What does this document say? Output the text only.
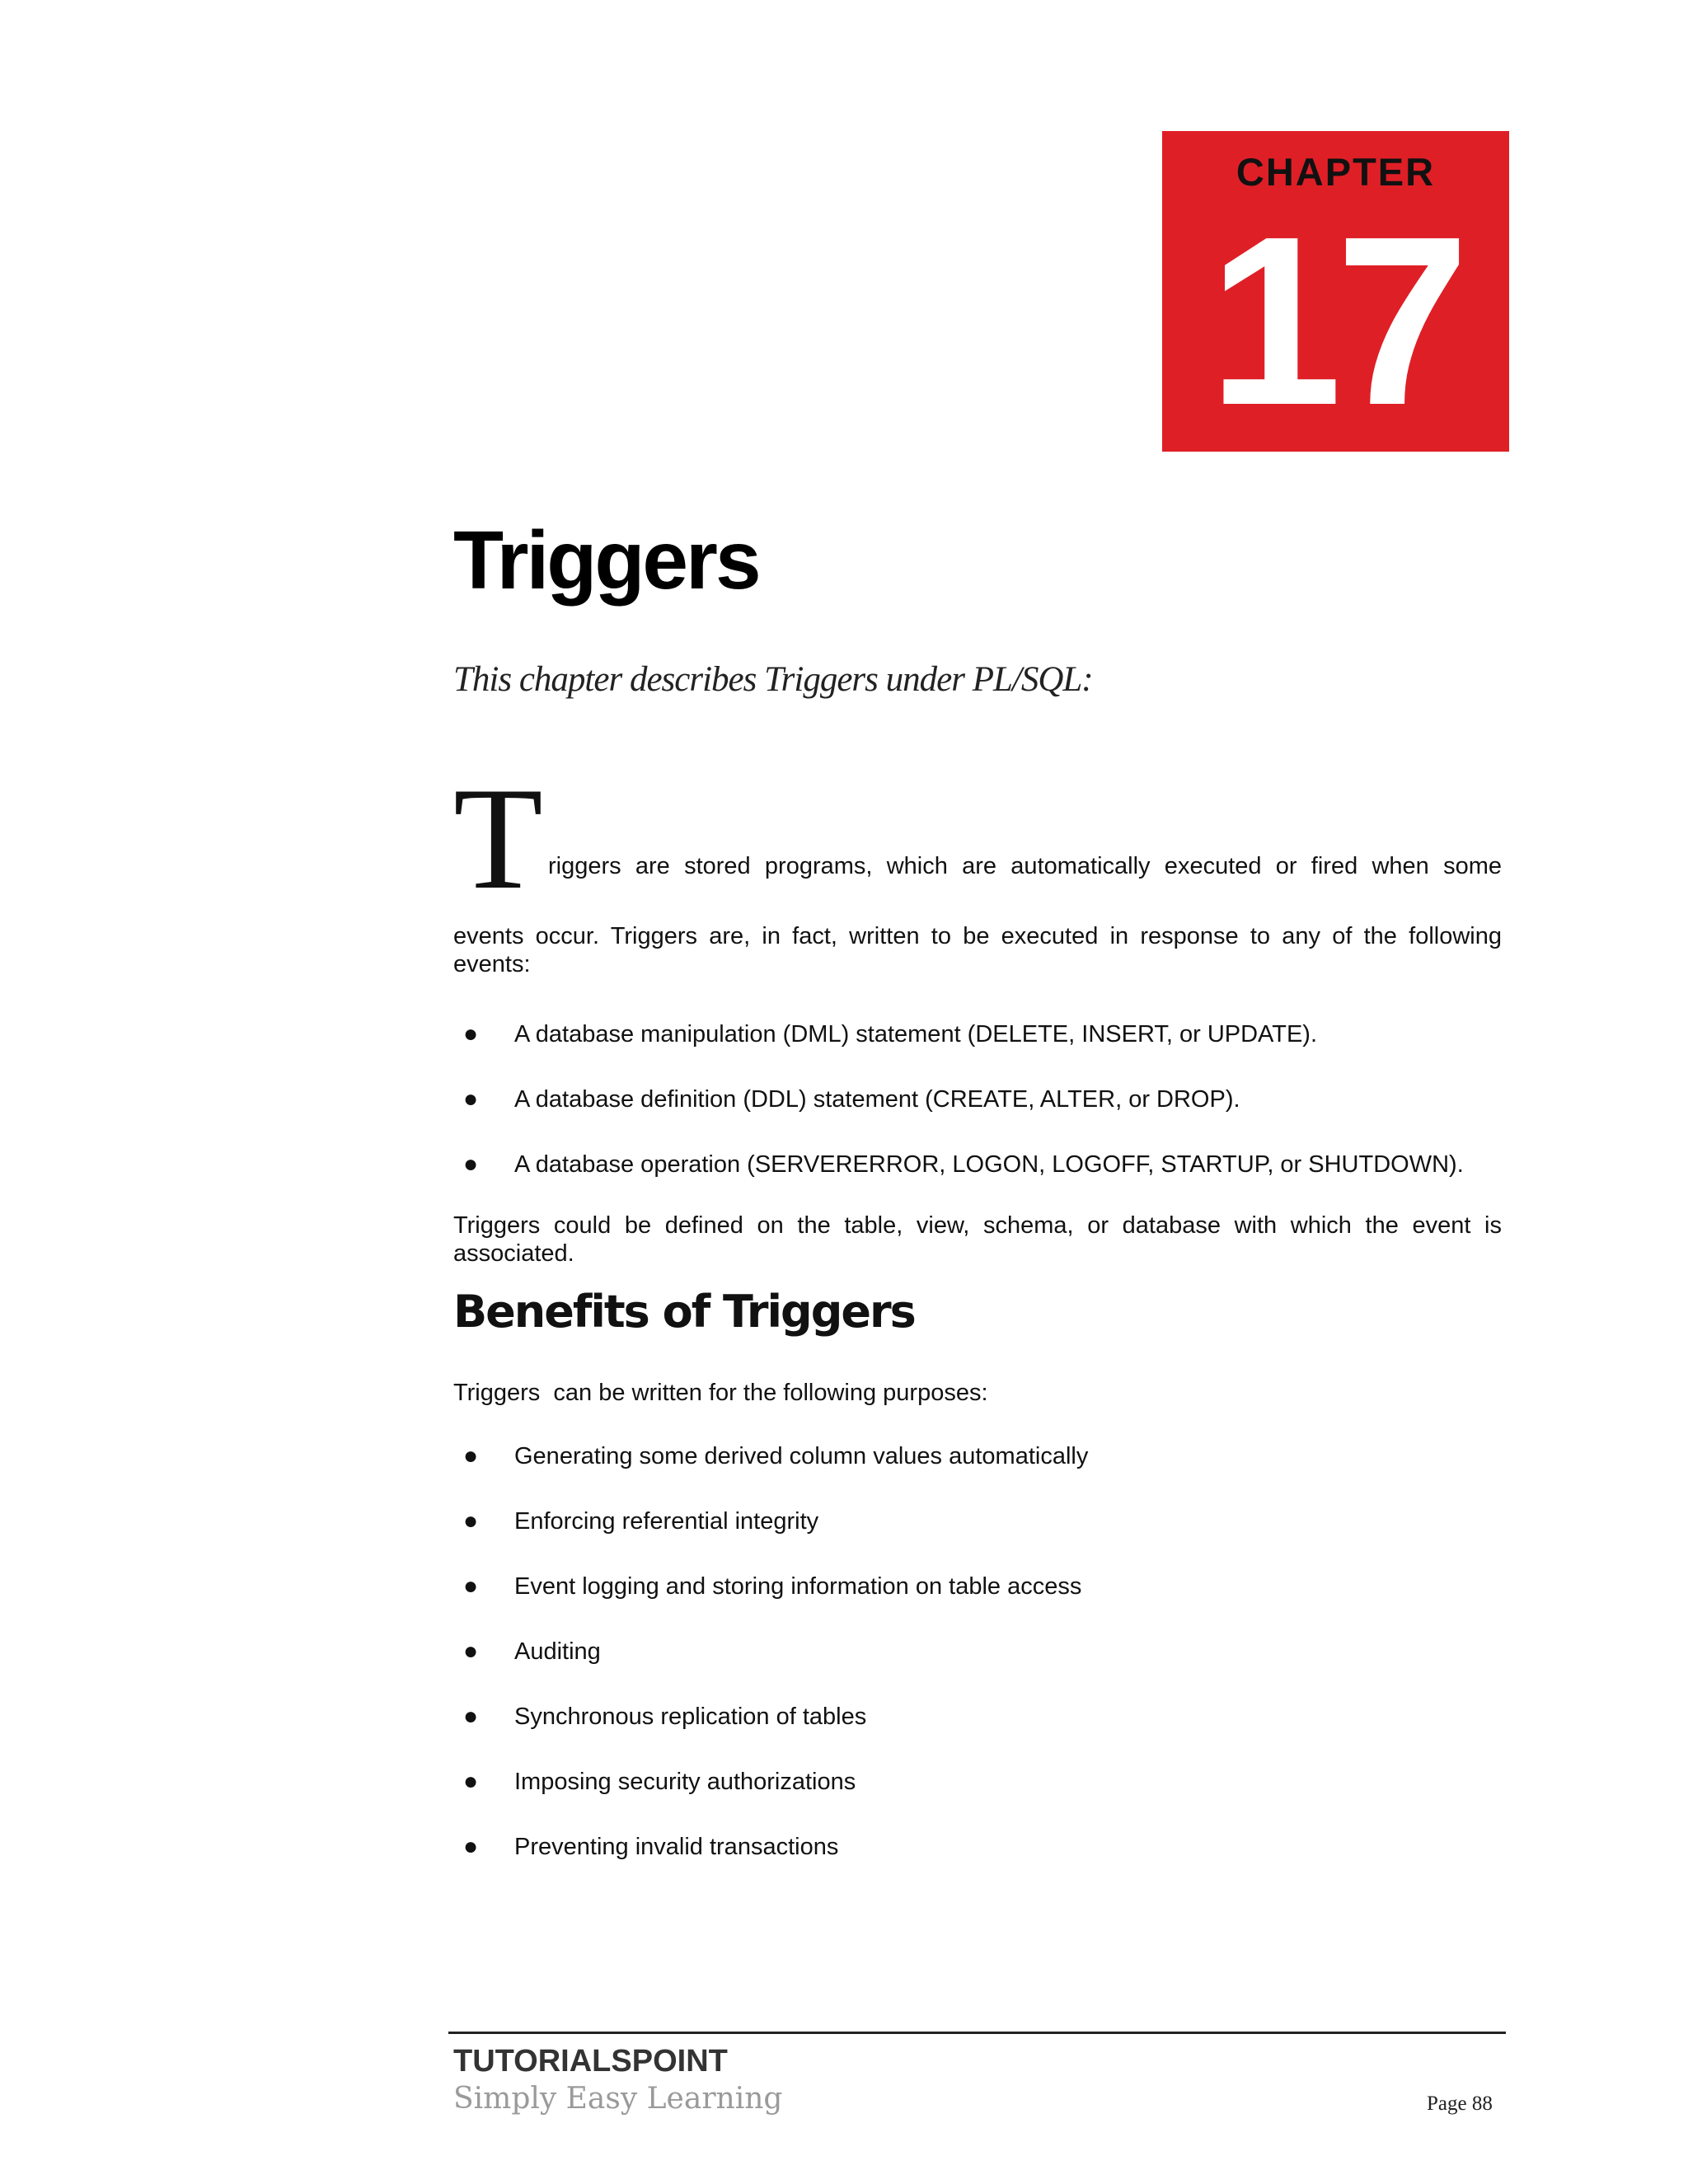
CHAPTER
17
Triggers
This chapter describes Triggers under PL/SQL:
T riggers are stored programs, which are automatically executed or fired when some
events occur. Triggers are, in fact, written to be executed in response to any of the following events:
● A database manipulation (DML) statement (DELETE, INSERT, or UPDATE).
● A database definition (DDL) statement (CREATE, ALTER, or DROP).
● A database operation (SERVERERROR, LOGON, LOGOFF, STARTUP, or SHUTDOWN).
Triggers could be defined on the table, view, schema, or database with which the event is associated.
Benefits of Triggers
Triggers  can be written for the following purposes:
● Generating some derived column values automatically
● Enforcing referential integrity
● Event logging and storing information on table access
● Auditing
● Synchronous replication of tables
● Imposing security authorizations
● Preventing invalid transactions
TUTORIALSPOINT
Simply Easy Learning	Page 88
